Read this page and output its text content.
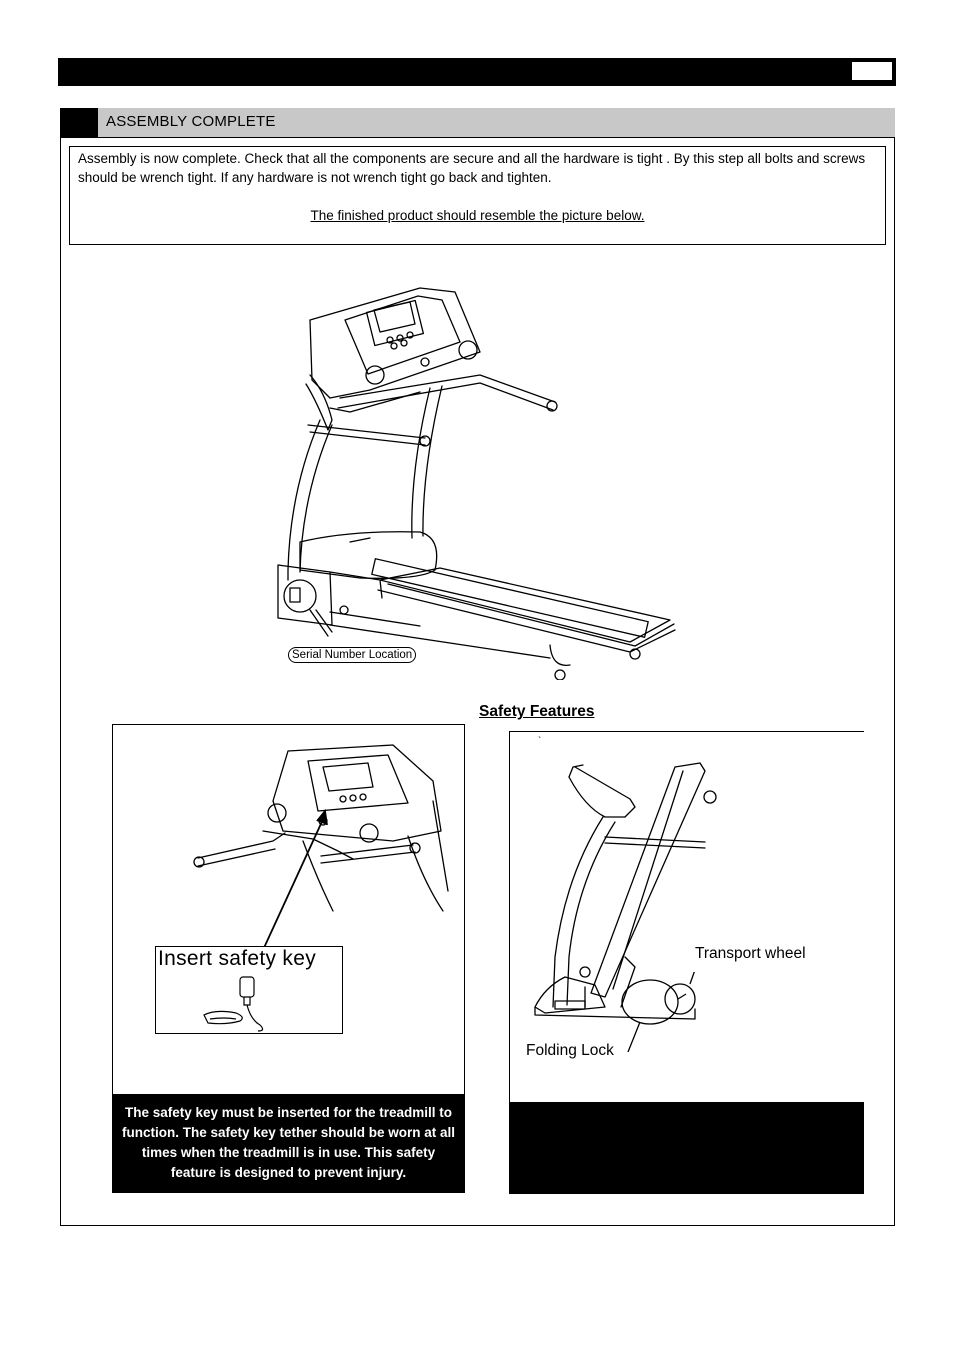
ASSEMBLY COMPLETE
Assembly is now complete. Check that all the components are secure and all the hardware is tight . By this step all bolts and screws should be wrench tight. If any hardware is not wrench tight go back and tighten.
The finished product should resemble the picture below.
Serial Number Location
Safety Features
Insert safety key
The safety key must be inserted for the treadmill to function. The safety key tether should be worn at all times when the treadmill is in use. This safety feature is designed to prevent injury.
`
Transport wheel
Folding Lock
